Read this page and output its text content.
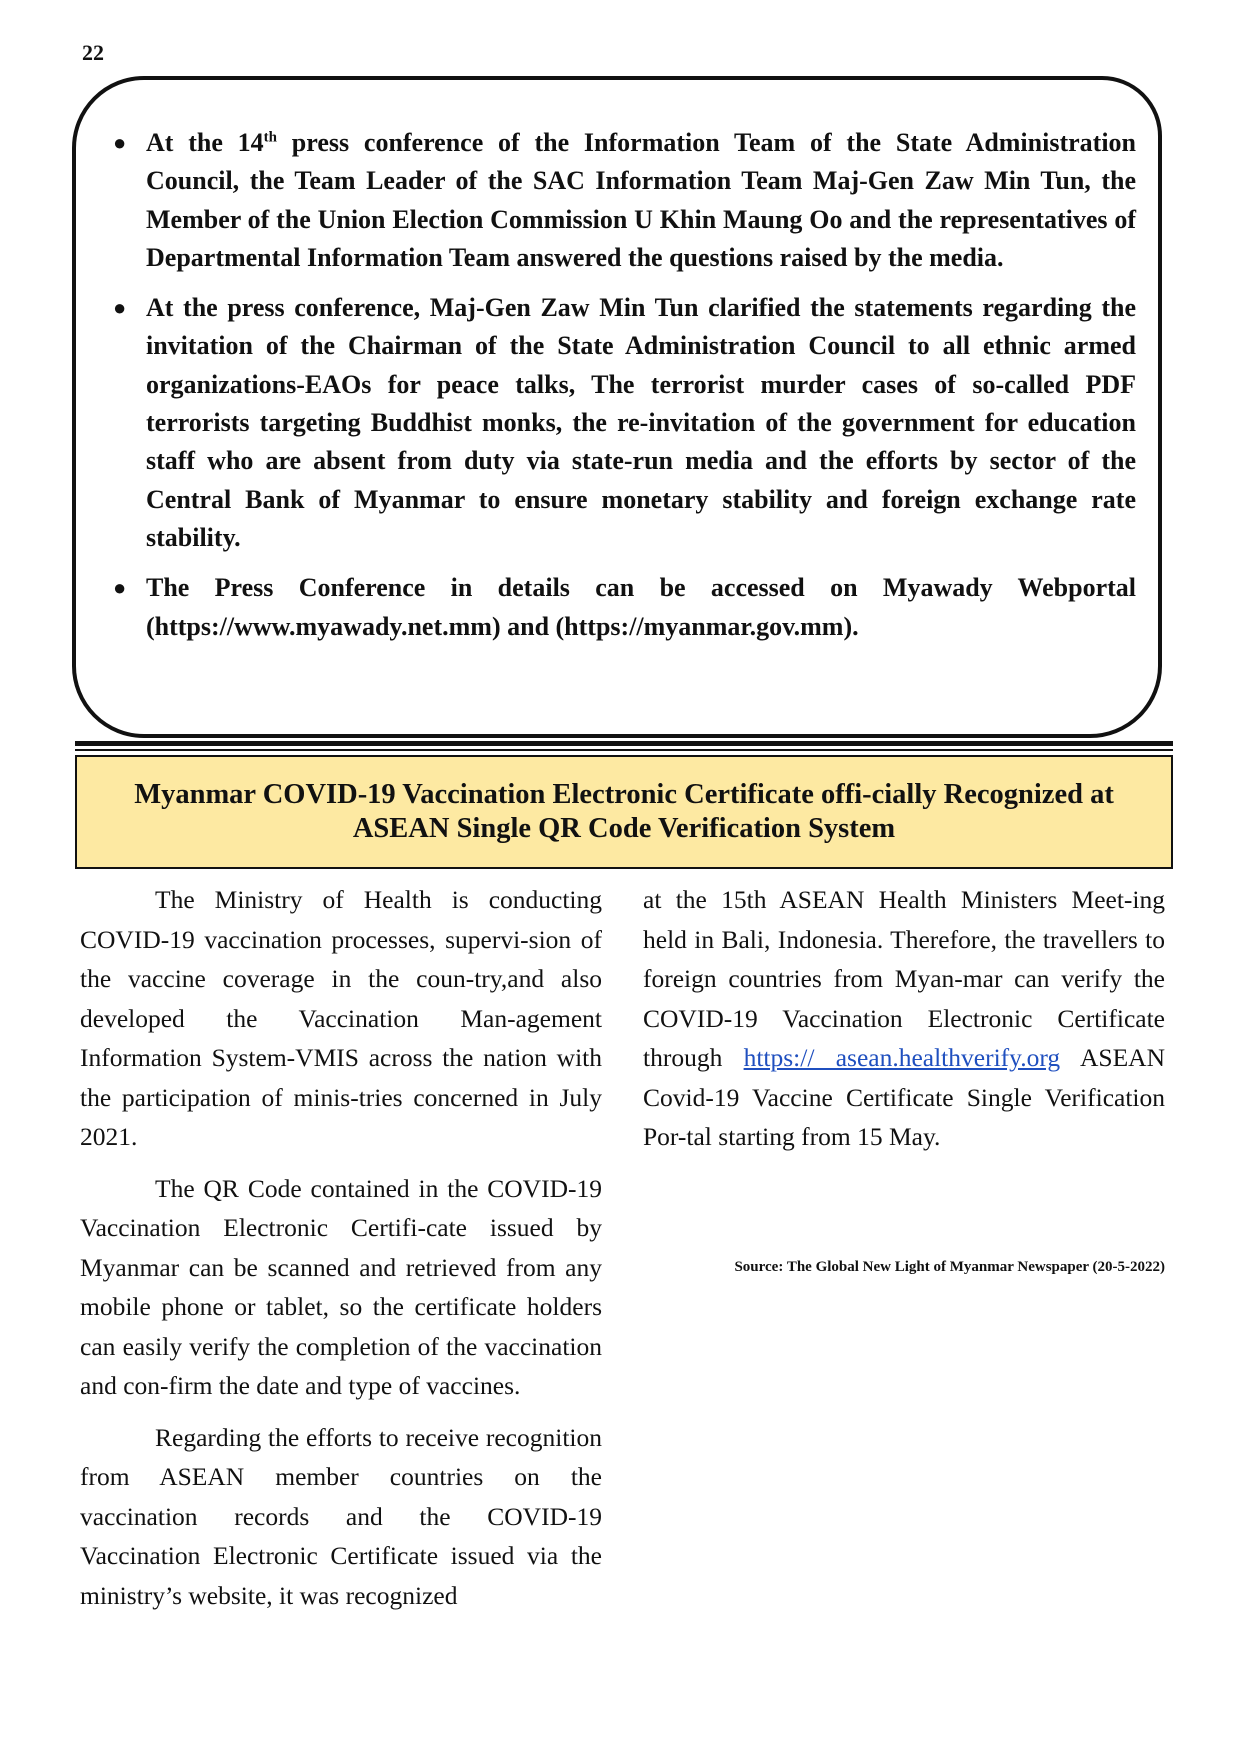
22
● At the 14th press conference of the Information Team of the State Administration Council, the Team Leader of the SAC Information Team Maj-Gen Zaw Min Tun, the Member of the Union Election Commission U Khin Maung Oo and the representatives of Departmental Information Team answered the questions raised by the media.
● At the press conference, Maj-Gen Zaw Min Tun clarified the statements regarding the invitation of the Chairman of the State Administration Council to all ethnic armed organizations-EAOs for peace talks, The terrorist murder cases of so-called PDF terrorists targeting Buddhist monks, the re-invitation of the government for education staff who are absent from duty via state-run media and the efforts by sector of the Central Bank of Myanmar to ensure monetary stability and foreign exchange rate stability.
● The Press Conference in details can be accessed on Myawady Webportal (https://www.myawady.net.mm) and (https://myanmar.gov.mm).
Myanmar COVID-19 Vaccination Electronic Certificate offi-cially Recognized at
ASEAN Single QR Code Verification System

The Ministry of Health is conducting COVID-19 vaccination processes, supervi-sion of the vaccine coverage in the coun-try,and also developed the Vaccination Man-agement Information System-VMIS across the nation with the participation of minis-tries concerned in July 2021.

The QR Code contained in the COVID-19 Vaccination Electronic Certifi-cate issued by Myanmar can be scanned and retrieved from any mobile phone or tablet, so the certificate holders can easily verify the completion of the vaccination and con-firm the date and type of vaccines.

Regarding the efforts to receive recognition from ASEAN member countries on the vaccination records and the COVID-19 Vaccination Electronic Certificate issued via the ministry’s website, it was recognized

at the 15th ASEAN Health Ministers Meet-ing held in Bali, Indonesia. Therefore, the travellers to foreign countries from Myan-mar can verify the COVID-19 Vaccination Electronic Certificate through https:// asean.healthverify.org ASEAN Covid-19 Vaccine Certificate Single Verification Por-tal starting from 15 May.

Source: The Global New Light of Myanmar Newspaper (20-5-2022)
